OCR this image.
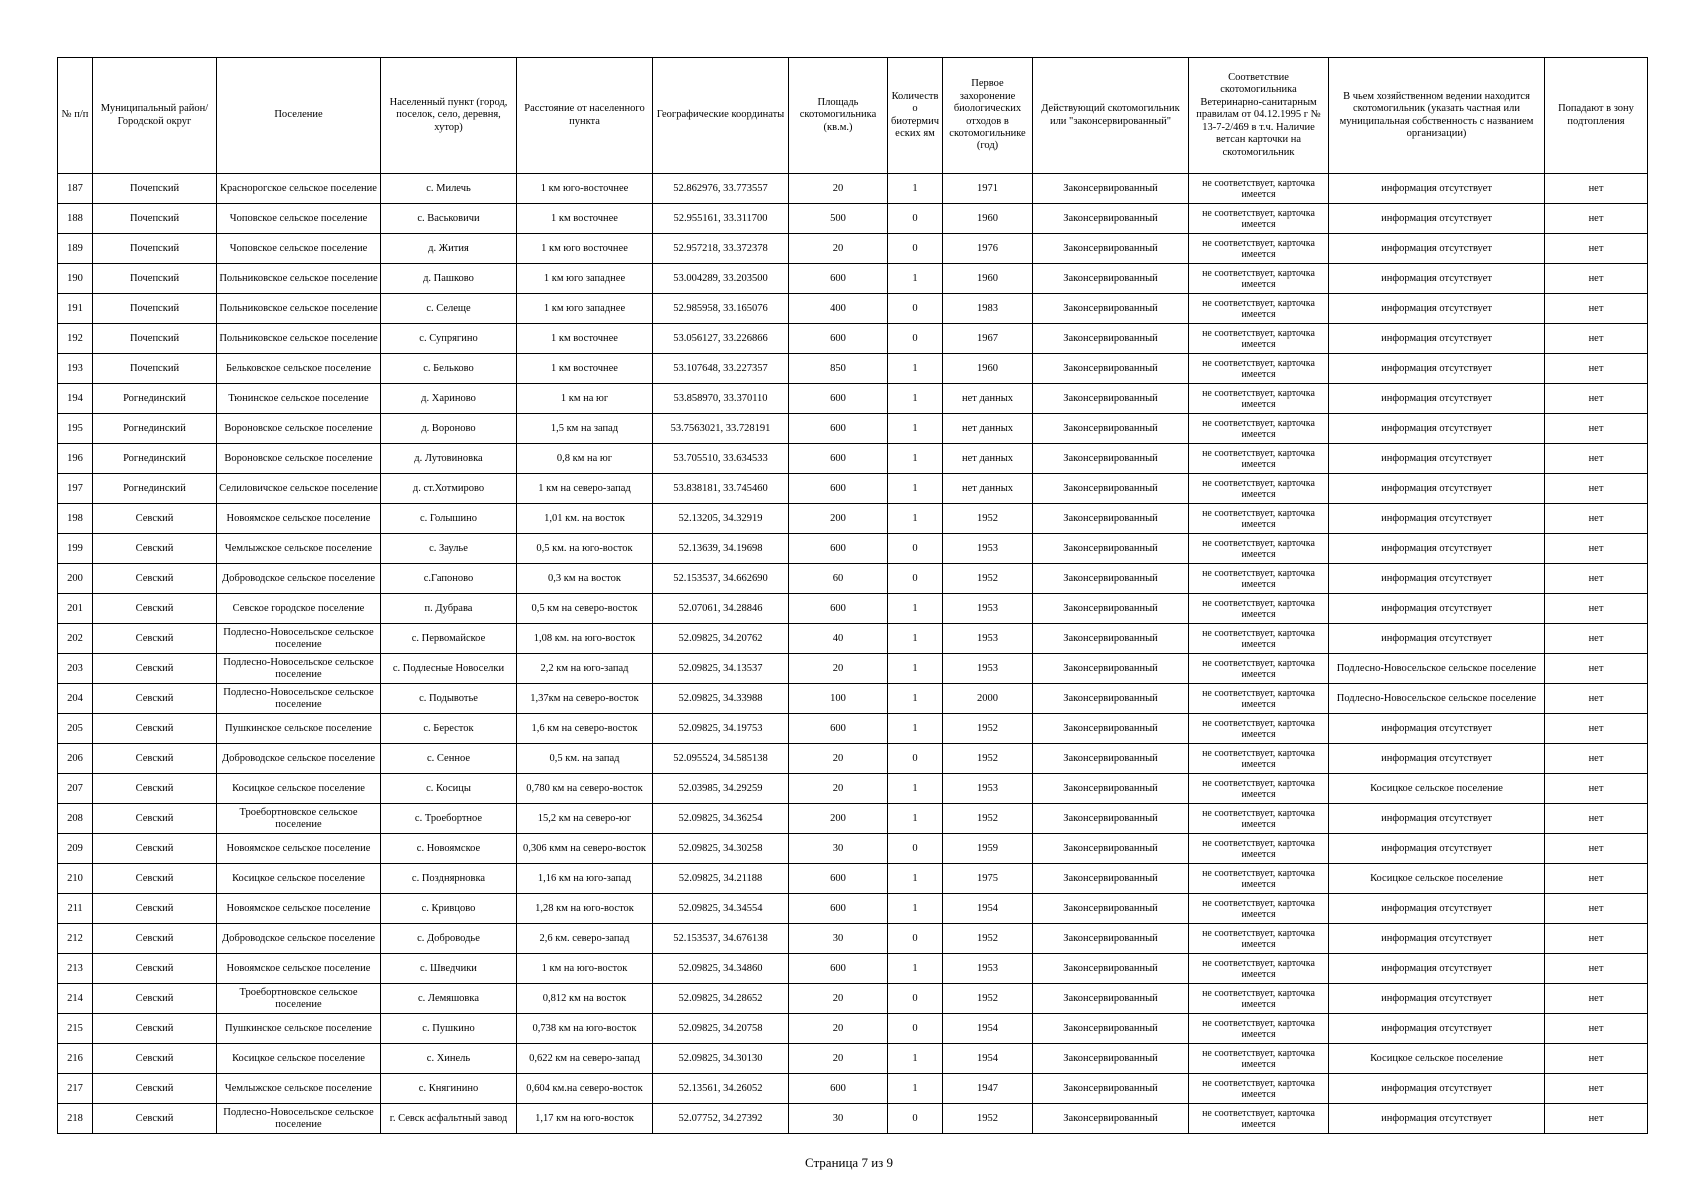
№ п/п	Муниципальный район/Городской округ	Поселение	Населенный пункт (город, поселок, село, деревня, хутор)	Расстояние от населенного пункта	Географические координаты	Площадь скотомогильника (кв.м.)	Количество биотермических ям	Первое захоронение биологических отходов в скотомогильнике (год)	Действующий скотомогильник или "законсервированный"	Соответствие скотомогильника Ветеринарно-санитарным правилам от 04.12.1995 г № 13-7-2/469 в т.ч. Наличие ветсан карточки на скотомогильник	В чьем хозяйственном ведении находится скотомогильник (указать частная или муниципальная собственность с названием организации)	Попадают в зону подтопления
187	Почепский	Краснорогское сельское поселение	с. Милечь	1 км юго-восточнее	52.862976, 33.773557	20	1	1971	Законсервированный	не соответствует, карточка имеется	информация отсутствует	нет
188	Почепский	Чоповское сельское поселение	с. Васьковичи	1 км восточнее	52.955161, 33.311700	500	0	1960	Законсервированный	не соответствует, карточка имеется	информация отсутствует	нет
189	Почепский	Чоповское сельское поселение	д. Жития	1 км юго восточнее	52.957218, 33.372378	20	0	1976	Законсервированный	не соответствует, карточка имеется	информация отсутствует	нет
190	Почепский	Польниковское сельское поселение	д. Пашково	1 км юго западнее	53.004289, 33.203500	600	1	1960	Законсервированный	не соответствует, карточка имеется	информация отсутствует	нет
191	Почепский	Польниковское сельское поселение	с. Селеще	1 км юго западнее	52.985958, 33.165076	400	0	1983	Законсервированный	не соответствует, карточка имеется	информация отсутствует	нет
192	Почепский	Польниковское сельское поселение	с. Супрягино	1 км восточнее	53.056127, 33.226866	600	0	1967	Законсервированный	не соответствует, карточка имеется	информация отсутствует	нет
193	Почепский	Бельковское сельское поселение	с. Бельково	1 км восточнее	53.107648, 33.227357	850	1	1960	Законсервированный	не соответствует, карточка имеется	информация отсутствует	нет
194	Рогнединский	Тюнинское сельское поселение	д. Хариново	1 км на юг	53.858970, 33.370110	600	1	нет данных	Законсервированный	не соответствует, карточка имеется	информация отсутствует	нет
195	Рогнединский	Вороновское сельское поселение	д. Вороново	1,5 км на запад	53.7563021, 33.728191	600	1	нет данных	Законсервированный	не соответствует, карточка имеется	информация отсутствует	нет
196	Рогнединский	Вороновское сельское поселение	д. Лутовиновка	0,8 км на юг	53.705510, 33.634533	600	1	нет данных	Законсервированный	не соответствует, карточка имеется	информация отсутствует	нет
197	Рогнединский	Селиловичское сельское поселение	д. ст.Хотмирово	1 км на северо-запад	53.838181, 33.745460	600	1	нет данных	Законсервированный	не соответствует, карточка имеется	информация отсутствует	нет
198	Севский	Новоямское сельское поселение	с. Голышино	1,01 км. на восток	52.13205, 34.32919	200	1	1952	Законсервированный	не соответствует, карточка имеется	информация отсутствует	нет
199	Севский	Чемлыжское сельское поселение	с. Заулье	0,5 км. на юго-восток	52.13639, 34.19698	600	0	1953	Законсервированный	не соответствует, карточка имеется	информация отсутствует	нет
200	Севский	Доброводское сельское поселение	с.Гапоново	0,3 км на восток	52.153537, 34.662690	60	0	1952	Законсервированный	не соответствует, карточка имеется	информация отсутствует	нет
201	Севский	Севское городское поселение	п. Дубрава	0,5 км на северо-восток	52.07061, 34.28846	600	1	1953	Законсервированный	не соответствует, карточка имеется	информация отсутствует	нет
202	Севский	Подлесно-Новосельское сельское поселение	с. Первомайское	1,08 км. на юго-восток	52.09825, 34.20762	40	1	1953	Законсервированный	не соответствует, карточка имеется	информация отсутствует	нет
203	Севский	Подлесно-Новосельское сельское поселение	с. Подлесные Новоселки	2,2 км на юго-запад	52.09825, 34.13537	20	1	1953	Законсервированный	не соответствует, карточка имеется	Подлесно-Новосельское сельское поселение	нет
204	Севский	Подлесно-Новосельское сельское поселение	с. Подывотье	1,37км на северо-восток	52.09825, 34.33988	100	1	2000	Законсервированный	не соответствует, карточка имеется	Подлесно-Новосельское сельское поселение	нет
205	Севский	Пушкинское сельское поселение	с. Бересток	1,6 км на северо-восток	52.09825, 34.19753	600	1	1952	Законсервированный	не соответствует, карточка имеется	информация отсутствует	нет
206	Севский	Доброводское сельское поселение	с. Сенное	0,5 км. на запад	52.095524, 34.585138	20	0	1952	Законсервированный	не соответствует, карточка имеется	информация отсутствует	нет
207	Севский	Косицкое сельское поселение	с. Косицы	0,780 км на северо-восток	52.03985, 34.29259	20	1	1953	Законсервированный	не соответствует, карточка имеется	Косицкое сельское поселение	нет
208	Севский	Троебортновское сельское поселение	с. Троебортное	15,2 км на северо-юг	52.09825, 34.36254	200	1	1952	Законсервированный	не соответствует, карточка имеется	информация отсутствует	нет
209	Севский	Новоямское сельское поселение	с. Новоямское	0,306 кмм на северо-восток	52.09825, 34.30258	30	0	1959	Законсервированный	не соответствует, карточка имеется	информация отсутствует	нет
210	Севский	Косицкое сельское поселение	с. Позднярновка	1,16 км на юго-запад	52.09825, 34.21188	600	1	1975	Законсервированный	не соответствует, карточка имеется	Косицкое сельское поселение	нет
211	Севский	Новоямское сельское поселение	с. Кривцово	1,28 км на юго-восток	52.09825, 34.34554	600	1	1954	Законсервированный	не соответствует, карточка имеется	информация отсутствует	нет
212	Севский	Доброводское сельское поселение	с. Доброводье	2,6 км. северо-запад	52.153537, 34.676138	30	0	1952	Законсервированный	не соответствует, карточка имеется	информация отсутствует	нет
213	Севский	Новоямское сельское поселение	с. Шведчики	1 км на юго-восток	52.09825, 34.34860	600	1	1953	Законсервированный	не соответствует, карточка имеется	информация отсутствует	нет
214	Севский	Троебортновское сельское поселение	с. Лемяшовка	0,812 км на восток	52.09825, 34.28652	20	0	1952	Законсервированный	не соответствует, карточка имеется	информация отсутствует	нет
215	Севский	Пушкинское сельское поселение	с. Пушкино	0,738 км на юго-восток	52.09825, 34.20758	20	0	1954	Законсервированный	не соответствует, карточка имеется	информация отсутствует	нет
216	Севский	Косицкое сельское поселение	с. Хинель	0,622 км на северо-запад	52.09825, 34.30130	20	1	1954	Законсервированный	не соответствует, карточка имеется	Косицкое сельское поселение	нет
217	Севский	Чемлыжское сельское поселение	с. Княгинино	0,604 км.на северо-восток	52.13561, 34.26052	600	1	1947	Законсервированный	не соответствует, карточка имеется	информация отсутствует	нет
218	Севский	Подлесно-Новосельское сельское поселение	г. Севск асфальтный завод	1,17 км на юго-восток	52.07752, 34.27392	30	0	1952	Законсервированный	не соответствует, карточка имеется	информация отсутствует	нет
Страница 7 из 9
